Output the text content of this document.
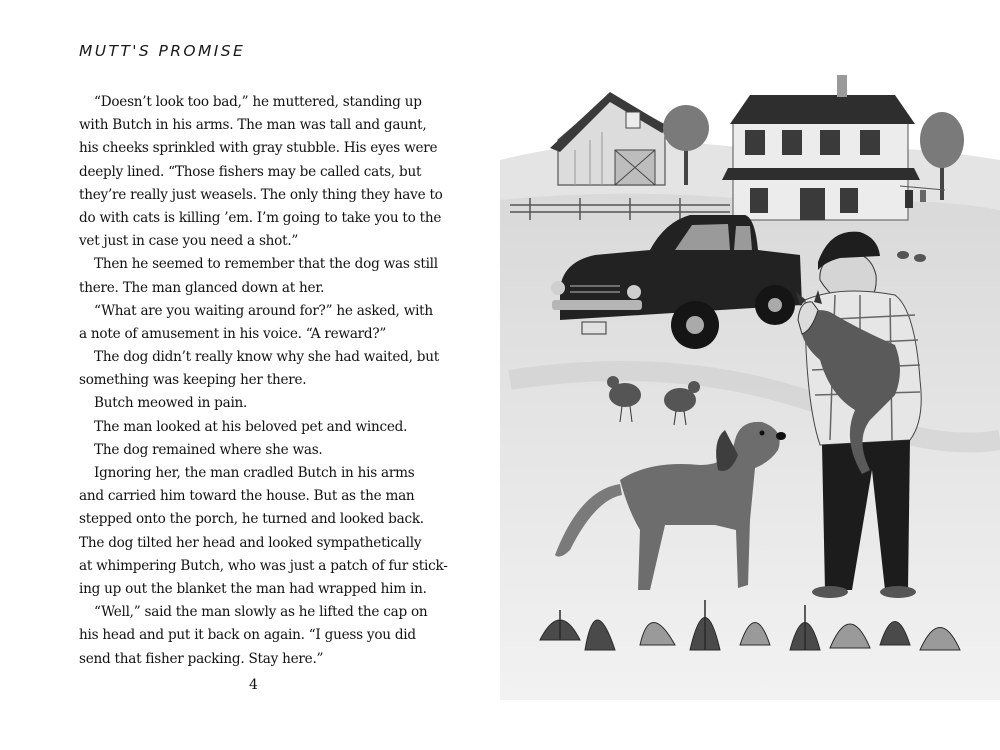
MUTT'S PROMISE
“Doesn’t look too bad,” he muttered, standing up
with Butch in his arms. The man was tall and gaunt,
his cheeks sprinkled with gray stubble. His eyes were
deeply lined. “Those fishers may be called cats, but
they’re really just weasels. The only thing they have to
do with cats is killing ’em. I’m going to take you to the
vet just in case you need a shot.”
Then he seemed to remember that the dog was still
there. The man glanced down at her.
“What are you waiting around for?” he asked, with
a note of amusement in his voice. “A reward?”
The dog didn’t really know why she had waited, but
something was keeping her there.
Butch meowed in pain.
The man looked at his beloved pet and winced.
The dog remained where she was.
Ignoring her, the man cradled Butch in his arms
and carried him toward the house. But as the man
stepped onto the porch, he turned and looked back.
The dog tilted her head and looked sympathetically
at whimpering Butch, who was just a patch of fur stick-
ing up out the blanket the man had wrapped him in.
“Well,” said the man slowly as he lifted the cap on
his head and put it back on again. “I guess you did
send that fisher packing. Stay here.”
4
